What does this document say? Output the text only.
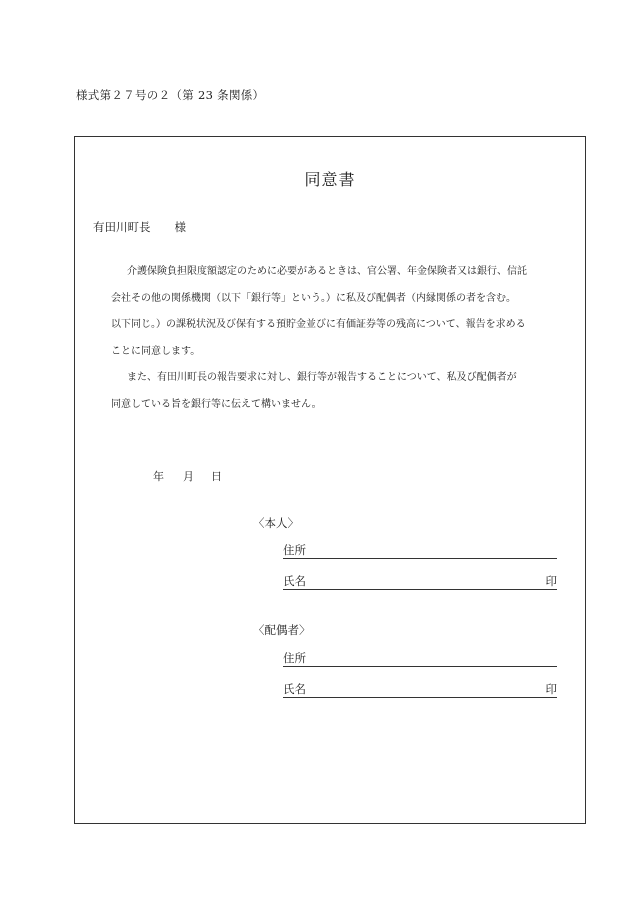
様式第２７号の２（第 23 条関係）
同意書
有田川町長 様

介護保険負担限度額認定のために必要があるときは、官公署、年金保険者又は銀行、信託
会社その他の関係機関（以下「銀行等」という。）に私及び配偶者（内縁関係の者を含む。
以下同じ。）の課税状況及び保有する預貯金並びに有価証券等の残高について、報告を求める
ことに同意します。

また、有田川町長の報告要求に対し、銀行等が報告することについて、私及び配偶者が
同意している旨を銀行等に伝えて構いません。

年 月 日
〈本人〉
住所
氏名	印
〈配偶者〉
住所
氏名	印
